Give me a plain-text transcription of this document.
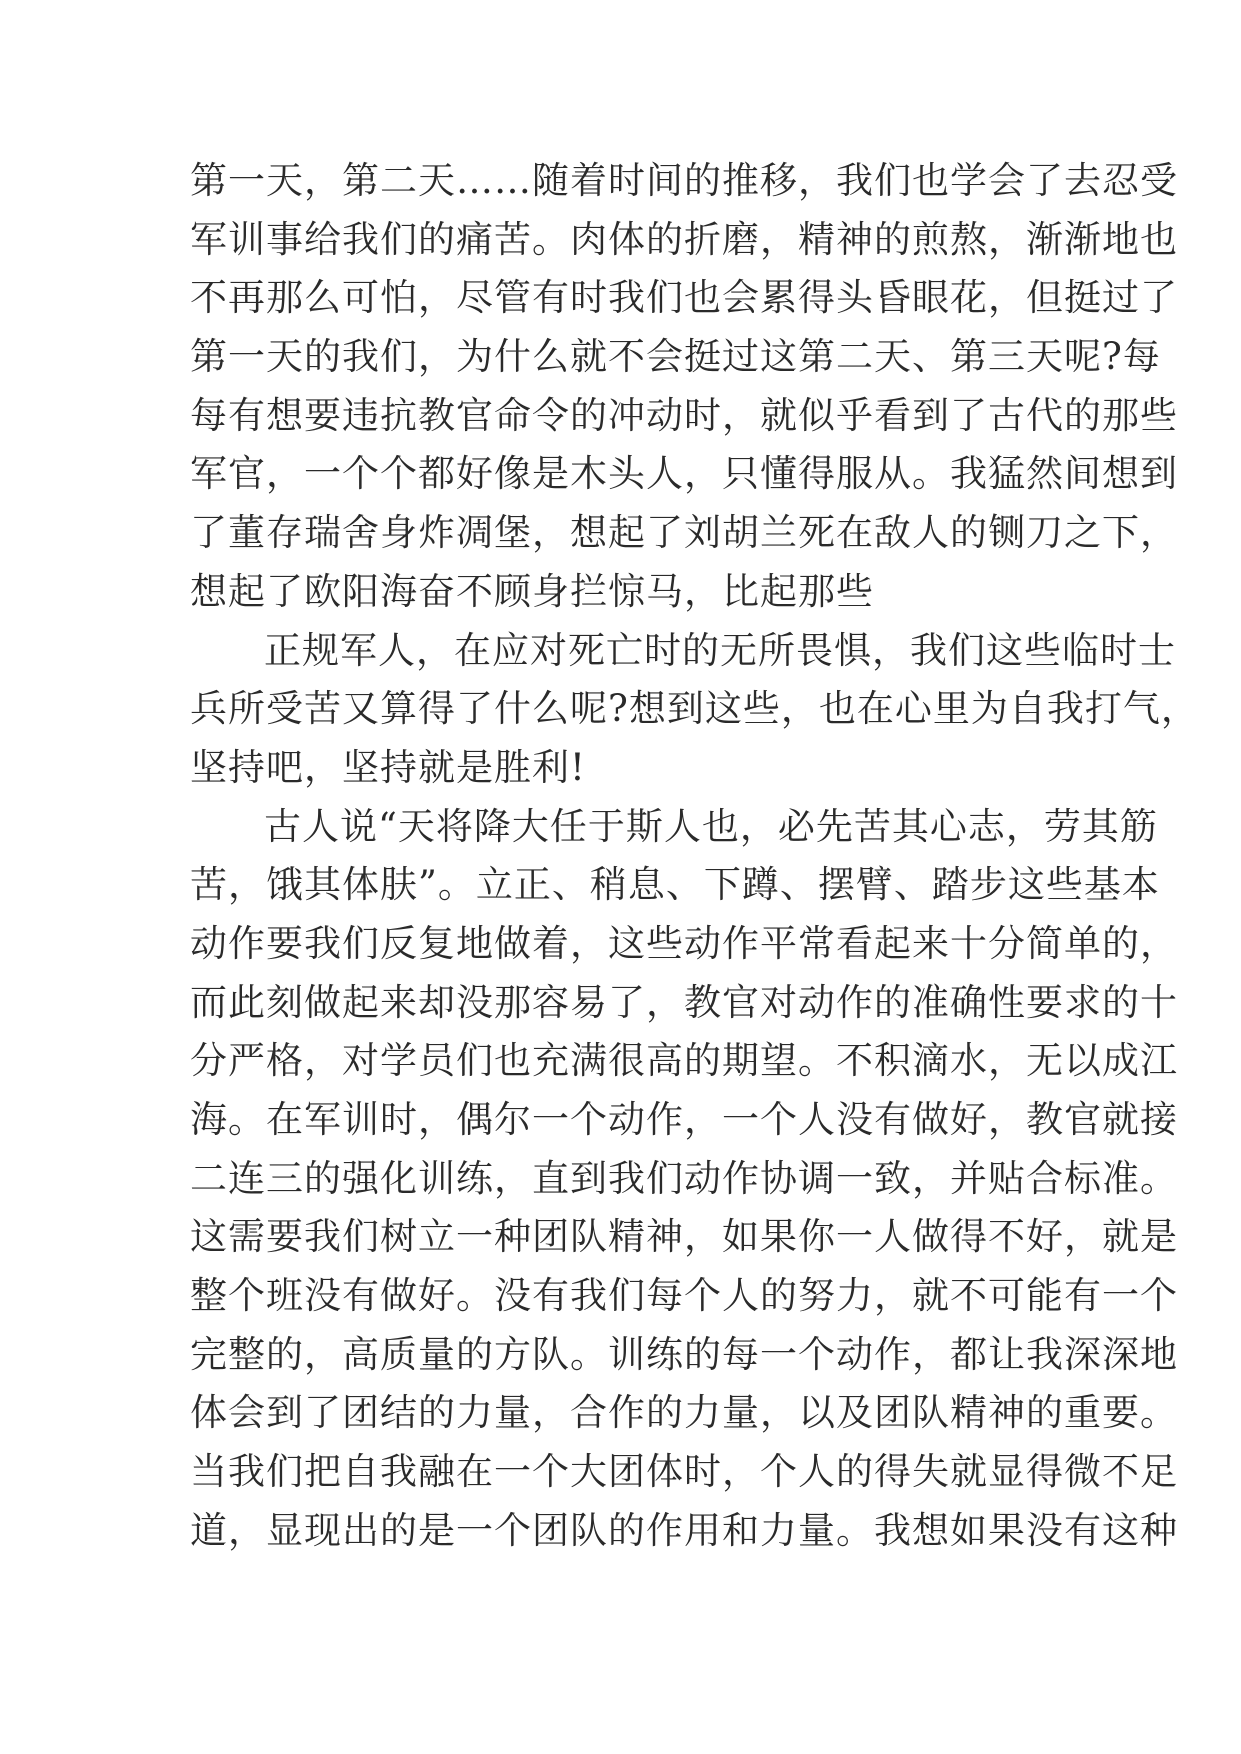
第一天，第二天……随着时间的推移，我们也学会了去忍受
军训事给我们的痛苦。肉体的折磨，精神的煎熬，渐渐地也
不再那么可怕，尽管有时我们也会累得头昏眼花，但挺过了
第一天的我们，为什么就不会挺过这第二天、第三天呢?每
每有想要违抗教官命令的冲动时，就似乎看到了古代的那些
军官，一个个都好像是木头人，只懂得服从。我猛然间想到
了董存瑞舍身炸凋堡，想起了刘胡兰死在敌人的铡刀之下，
想起了欧阳海奋不顾身拦惊马，比起那些
正规军人，在应对死亡时的无所畏惧，我们这些临时士
兵所受苦又算得了什么呢?想到这些，也在心里为自我打气，
坚持吧，坚持就是胜利!
古人说“天将降大任于斯人也，必先苦其心志，劳其筋
苦，饿其体肤”。立正、稍息、下蹲、摆臂、踏步这些基本
动作要我们反复地做着，这些动作平常看起来十分简单的，
而此刻做起来却没那容易了，教官对动作的准确性要求的十
分严格，对学员们也充满很高的期望。不积滴水，无以成江
海。在军训时，偶尔一个动作，一个人没有做好，教官就接
二连三的强化训练，直到我们动作协调一致，并贴合标准。
这需要我们树立一种团队精神，如果你一人做得不好，就是
整个班没有做好。没有我们每个人的努力，就不可能有一个
完整的，高质量的方队。训练的每一个动作，都让我深深地
体会到了团结的力量，合作的力量，以及团队精神的重要。
当我们把自我融在一个大团体时，个人的得失就显得微不足
道，显现出的是一个团队的作用和力量。我想如果没有这种
